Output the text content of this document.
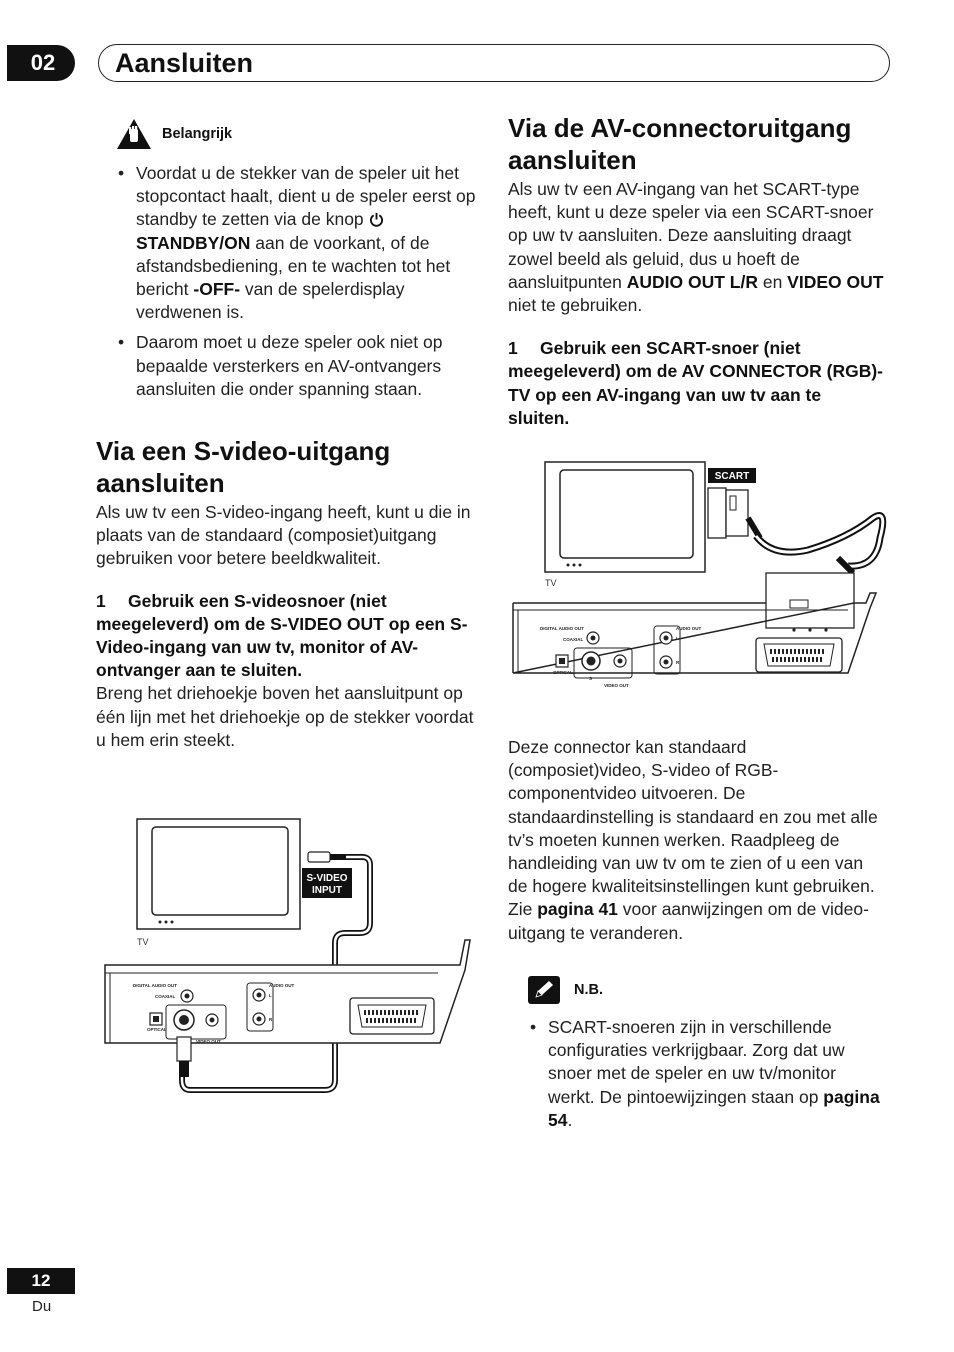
02	Aansluiten
Belangrijk
• Voordat u de stekker van de speler uit het stopcontact haalt, dient u de speler eerst op standby te zetten via de knop STANDBY/ON aan de voorkant, of de afstandsbediening, en te wachten tot het bericht -OFF- van de spelerdisplay verdwenen is.
• Daarom moet u deze speler ook niet op bepaalde versterkers en AV-ontvangers aansluiten die onder spanning staan.
Via een S-video-uitgang aansluiten

Als uw tv een S-video-ingang heeft, kunt u die in plaats van de standaard (composiet)uitgang gebruiken voor betere beeldkwaliteit.

1 Gebruik een S-videosnoer (niet meegeleverd) om de S-VIDEO OUT op een S-Video-ingang van uw tv, monitor of AV-ontvanger aan te sluiten.

Breng het driehoekje boven het aansluitpunt op één lijn met het driehoekje op de stekker voordat u hem erin steekt.

TV
S-VIDEO
INPUT
DIGITAL AUDIO OUT
COAXIAL
OPTICAL
VIDEO OUT
AUDIO OUT
L
R
Via de AV-connectoruitgang aansluiten

Als uw tv een AV-ingang van het SCART-type heeft, kunt u deze speler via een SCART-snoer op uw tv aansluiten. Deze aansluiting draagt zowel beeld als geluid, dus u hoeft de aansluitpunten AUDIO OUT L/R en VIDEO OUT niet te gebruiken.

1 Gebruik een SCART-snoer (niet meegeleverd) om de AV CONNECTOR (RGB)-TV op een AV-ingang van uw tv aan te sluiten.

TV
SCART
DIGITAL AUDIO OUT
COAXIAL
OPTICAL
S
VIDEO OUT
AUDIO OUT
L
R

Deze connector kan standaard (composiet)video, S-video of RGB-componentvideo uitvoeren. De standaardinstelling is standaard en zou met alle tv’s moeten kunnen werken. Raadpleeg de handleiding van uw tv om te zien of u een van de hogere kwaliteitsinstellingen kunt gebruiken. Zie pagina 41 voor aanwijzingen om de video-uitgang te veranderen.

N.B.
• SCART-snoeren zijn in verschillende configuraties verkrijgbaar. Zorg dat uw snoer met de speler en uw tv/monitor werkt. De pintoewijzingen staan op pagina 54.
12
Du
